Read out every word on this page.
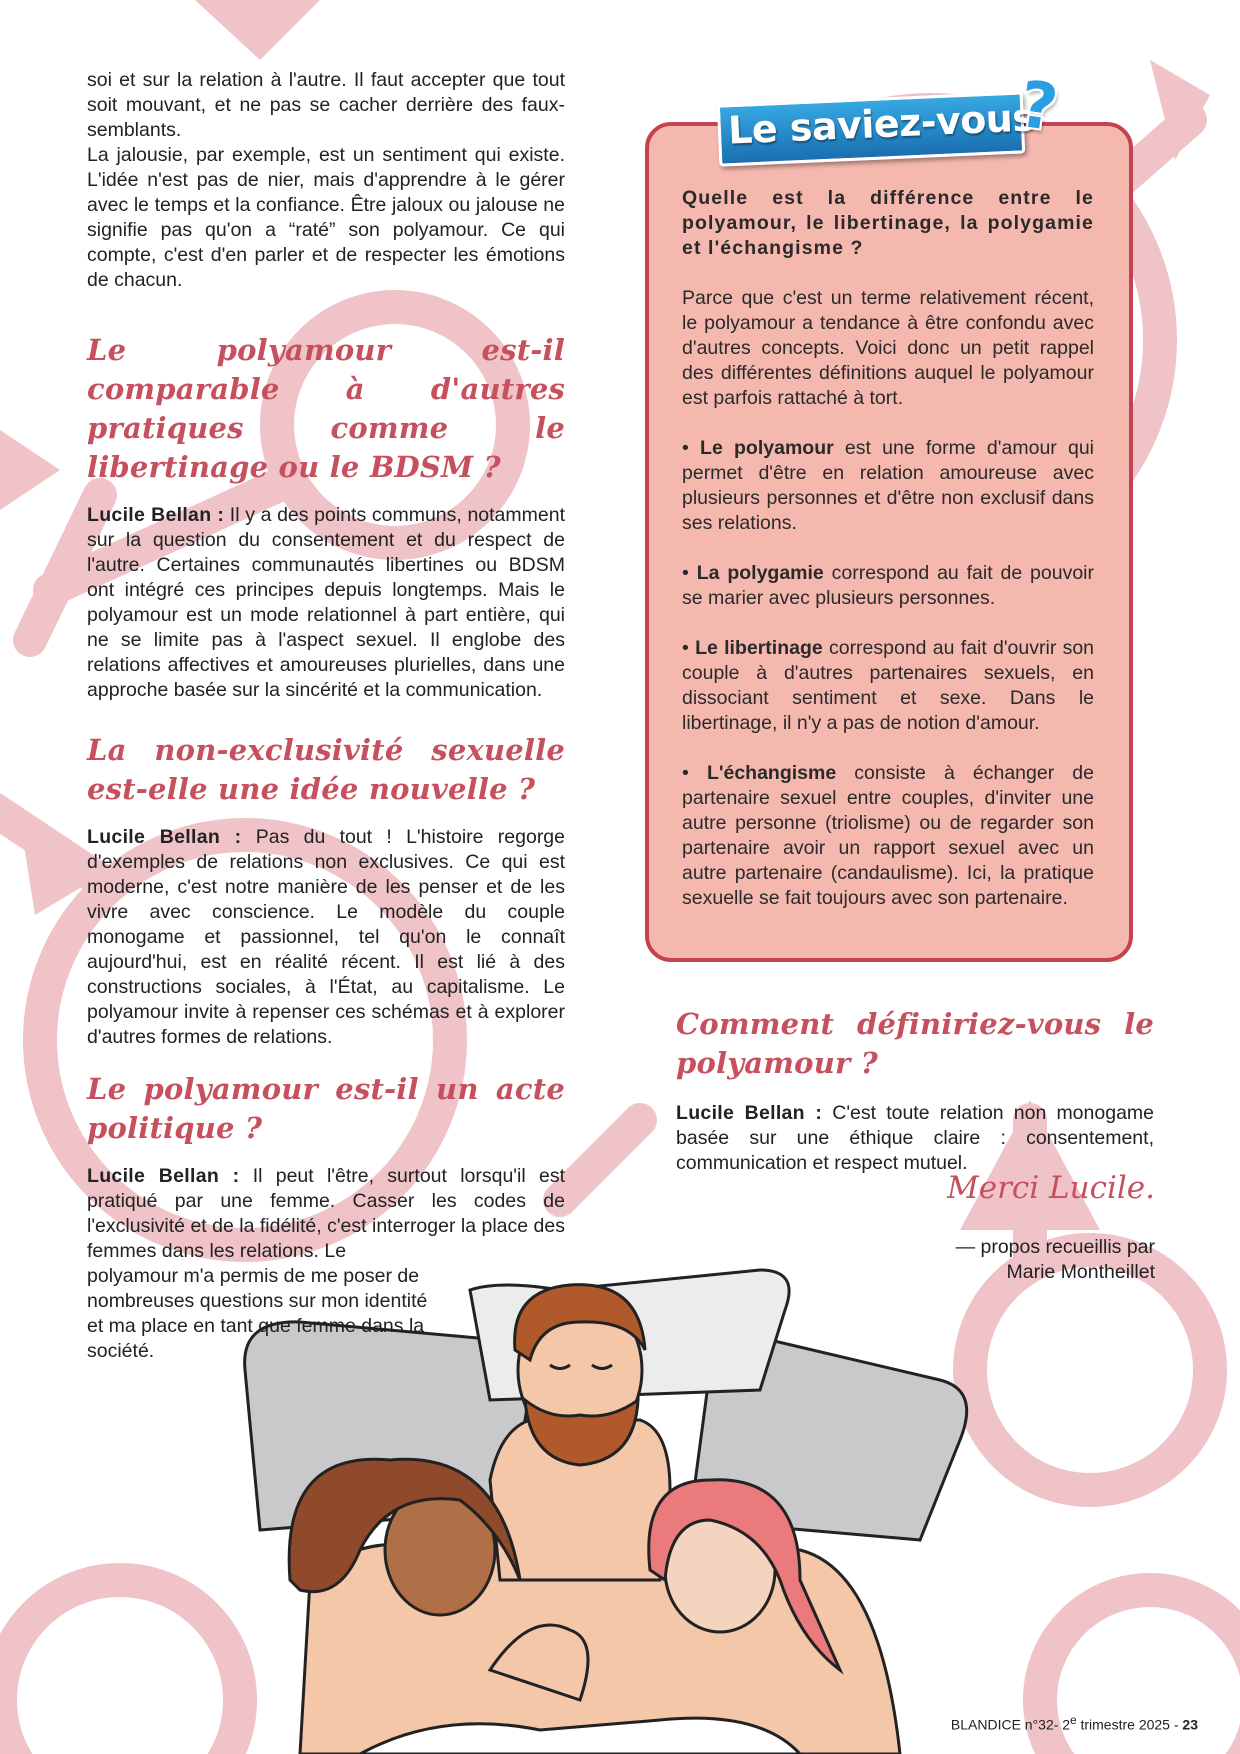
soi et sur la relation à l'autre. Il faut accepter que tout soit mouvant, et ne pas se cacher derrière des faux-semblants.

La jalousie, par exemple, est un sentiment qui existe. L'idée n'est pas de nier, mais d'apprendre à le gérer avec le temps et la confiance. Être jaloux ou jalouse ne signifie pas qu'on a “raté” son polyamour. Ce qui compte, c'est d'en parler et de respecter les émotions de chacun.

Le polyamour est-il comparable à d'autres pratiques comme le libertinage ou le BDSM ?

Lucile Bellan : Il y a des points communs, notamment sur la question du consentement et du respect de l'autre. Certaines communautés libertines ou BDSM ont intégré ces principes depuis longtemps. Mais le polyamour est un mode relationnel à part entière, qui ne se limite pas à l'aspect sexuel. Il englobe des relations affectives et amoureuses plurielles, dans une approche basée sur la sincérité et la communication.

La non-exclusivité sexuelle est-elle une idée nouvelle ?

Lucile Bellan : Pas du tout ! L'histoire regorge d'exemples de relations non exclusives. Ce qui est moderne, c'est notre manière de les penser et de les vivre avec conscience. Le modèle du couple monogame et passionnel, tel qu'on le connaît aujourd'hui, est en réalité récent. Il est lié à des constructions sociales, à l'État, au capitalisme. Le polyamour invite à repenser ces schémas et à explorer d'autres formes de relations.

Le polyamour est-il un acte politique ?

Lucile Bellan : Il peut l'être, surtout lorsqu'il est pratiqué par une femme. Casser les codes de l'exclusivité et de la fidélité, c'est interroger la place des femmes dans les relations. Le

polyamour m'a permis de me poser de nombreuses questions sur mon identité et ma place en tant que femme dans la société.

Le saviez-vous
?

Quelle est la différence entre le polyamour, le libertinage, la polygamie et l'échangisme ?

Parce que c'est un terme relativement récent, le polyamour a tendance à être confondu avec d'autres concepts. Voici donc un petit rappel des différentes définitions auquel le polyamour est parfois rattaché à tort.

• Le polyamour est une forme d'amour qui permet d'être en relation amoureuse avec plusieurs personnes et d'être non exclusif dans ses relations.

• La polygamie correspond au fait de pouvoir se marier avec plusieurs personnes.

• Le libertinage correspond au fait d'ouvrir son couple à d'autres partenaires sexuels, en dissociant sentiment et sexe. Dans le libertinage, il n'y a pas de notion d'amour.

• L'échangisme consiste à échanger de partenaire sexuel entre couples, d'inviter une autre personne (triolisme) ou de regarder son partenaire avoir un rapport sexuel avec un autre partenaire (candaulisme). Ici, la pratique sexuelle se fait toujours avec son partenaire.

Comment définiriez-vous le polyamour ?

Lucile Bellan : C'est toute relation non monogame basée sur une éthique claire : consentement, communication et respect mutuel.

Merci Lucile.
— propos recueillis par
Marie Montheillet
BLANDICE n°32- 2e trimestre 2025 - 23
